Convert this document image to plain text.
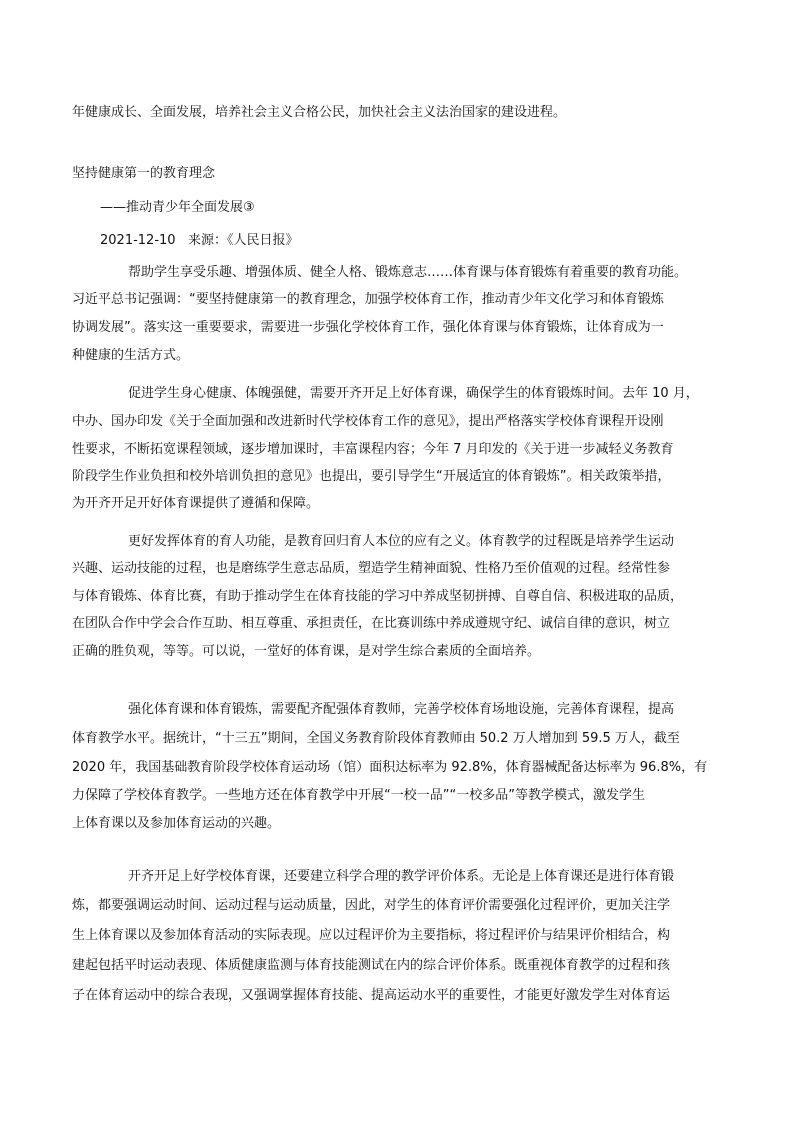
年健康成长、全面发展，培养社会主义合格公民，加快社会主义法治国家的建设进程。
坚持健康第一的教育理念
——推动青少年全面发展③
2021-12-10 来源：《人民日报》
帮助学生享受乐趣、增强体质、健全人格、锻炼意志……体育课与体育锻炼有着重要的教育功能。
习近平总书记强调：“要坚持健康第一的教育理念，加强学校体育工作，推动青少年文化学习和体育锻炼
协调发展”。落实这一重要要求，需要进一步强化学校体育工作，强化体育课与体育锻炼，让体育成为一
种健康的生活方式。
促进学生身心健康、体魄强健，需要开齐开足上好体育课，确保学生的体育锻炼时间。去年 10 月，
中办、国办印发《关于全面加强和改进新时代学校体育工作的意见》，提出严格落实学校体育课程开设刚
性要求，不断拓宽课程领域，逐步增加课时，丰富课程内容；今年 7 月印发的《关于进一步减轻义务教育
阶段学生作业负担和校外培训负担的意见》也提出，要引导学生“开展适宜的体育锻炼”。相关政策举措，
为开齐开足开好体育课提供了遵循和保障。
更好发挥体育的育人功能，是教育回归育人本位的应有之义。体育教学的过程既是培养学生运动
兴趣、运动技能的过程，也是磨练学生意志品质，塑造学生精神面貌、性格乃至价值观的过程。经常性参
与体育锻炼、体育比赛，有助于推动学生在体育技能的学习中养成坚韧拼搏、自尊自信、积极进取的品质，
在团队合作中学会合作互助、相互尊重、承担责任，在比赛训练中养成遵规守纪、诚信自律的意识，树立
正确的胜负观，等等。可以说，一堂好的体育课，是对学生综合素质的全面培养。
强化体育课和体育锻炼，需要配齐配强体育教师，完善学校体育场地设施，完善体育课程，提高
体育教学水平。据统计，“十三五”期间，全国义务教育阶段体育教师由 50.2 万人增加到 59.5 万人，截至
2020 年，我国基础教育阶段学校体育运动场（馆）面积达标率为 92.8%，体育器械配备达标率为 96.8%，有
力保障了学校体育教学。一些地方还在体育教学中开展“一校一品”“一校多品”等教学模式，激发学生
上体育课以及参加体育运动的兴趣。
开齐开足上好学校体育课，还要建立科学合理的教学评价体系。无论是上体育课还是进行体育锻
炼，都要强调运动时间、运动过程与运动质量，因此，对学生的体育评价需要强化过程评价，更加关注学
生上体育课以及参加体育活动的实际表现。应以过程评价为主要指标，将过程评价与结果评价相结合，构
建起包括平时运动表现、体质健康监测与体育技能测试在内的综合评价体系。既重视体育教学的过程和孩
子在体育运动中的综合表现，又强调掌握体育技能、提高运动水平的重要性，才能更好激发学生对体育运
